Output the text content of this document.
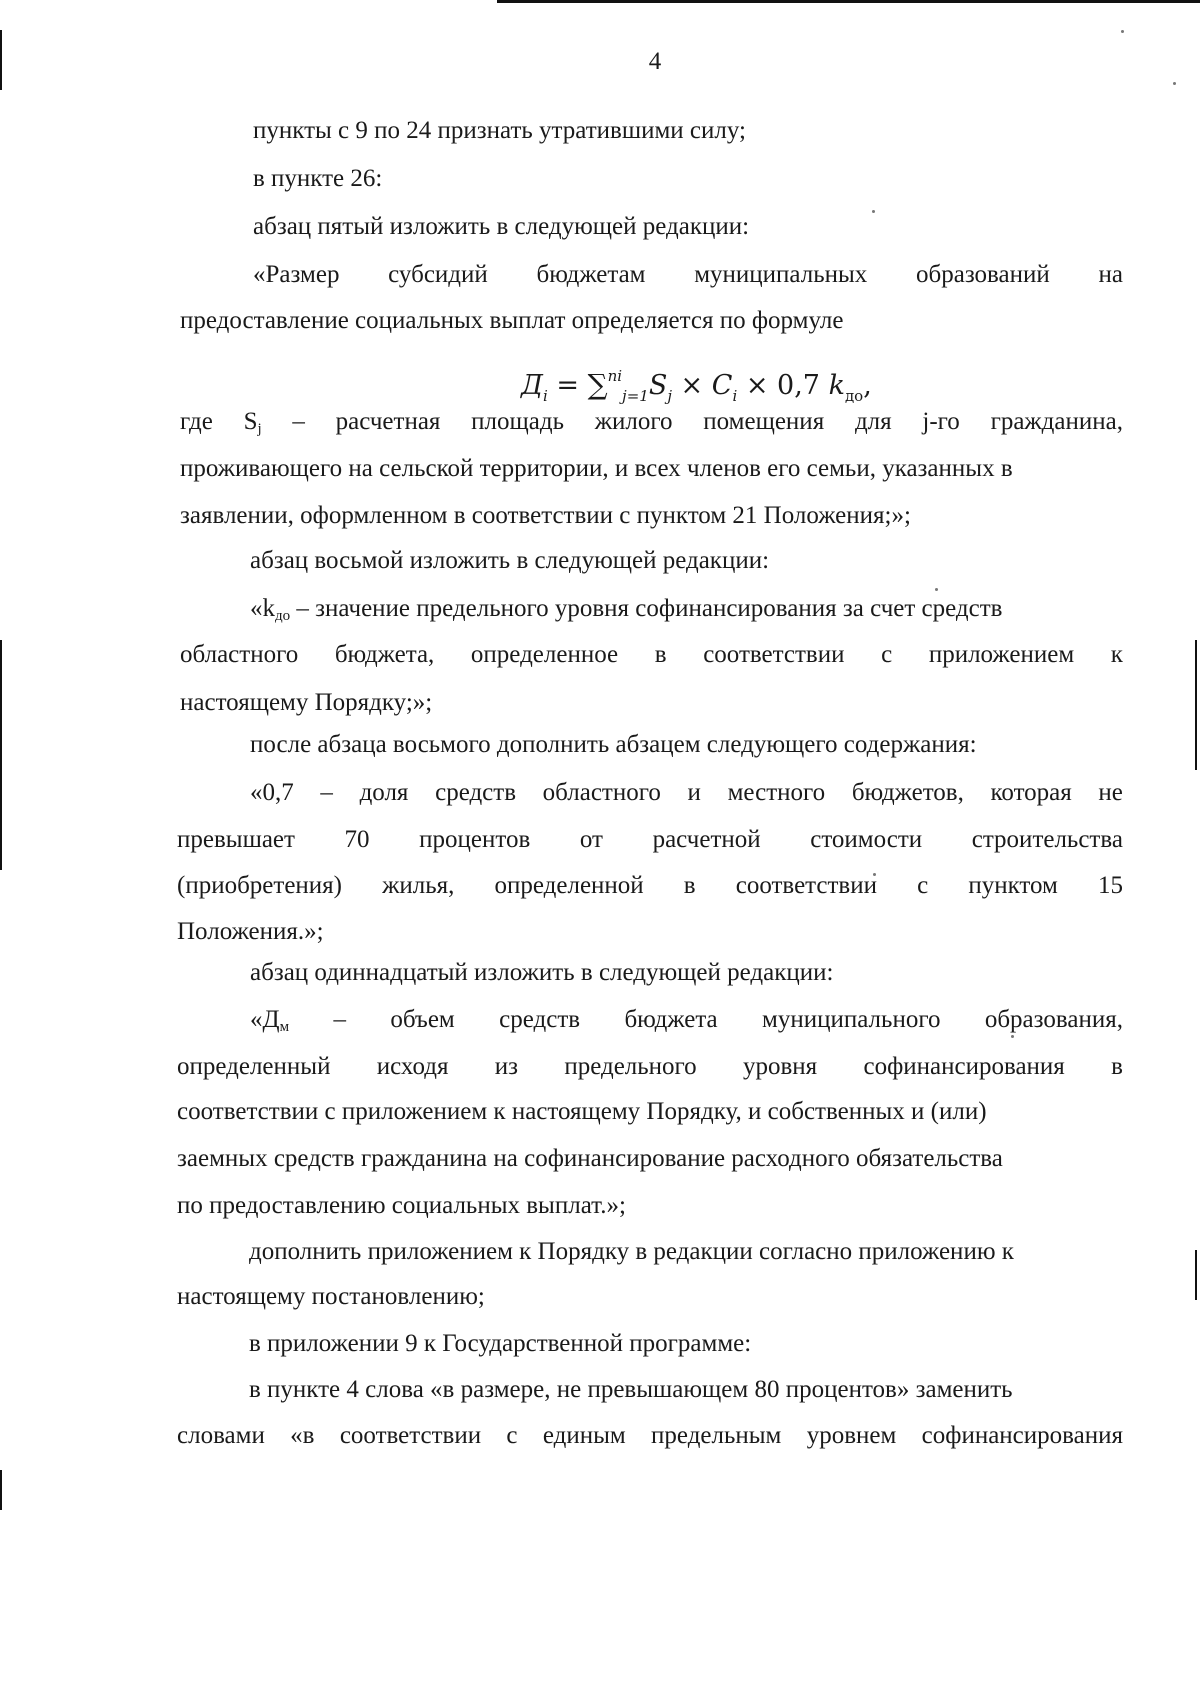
4
пункты с 9 по 24 признать утратившими силу;
в пункте 26:
абзац пятый изложить в следующей редакции:
«Размер субсидий бюджетам муниципальных образований на
предоставление социальных выплат определяется по формуле
$Д_i = \sum^{ni}_{j=1}S_j \times C_i \times 0,7$ $k_{до}$,
где $S_j$ – расчетная площадь жилого помещения для j-го гражданина,
проживающего на сельской территории, и всех членов его семьи, указанных в
заявлении, оформленном в соответствии с пунктом 21 Положения;»;
абзац восьмой изложить в следующей редакции:
«$k_{до}$ – значение предельного уровня софинансирования за счет средств
областного бюджета, определенное в соответствии с приложением к
настоящему Порядку;»;
после абзаца восьмого дополнить абзацем следующего содержания:
«0,7 – доля средств областного и местного бюджетов, которая не
превышает 70 процентов от расчетной стоимости строительства
(приобретения) жилья, определенной в соответствии с пунктом 15
Положения.»;
абзац одиннадцатый изложить в следующей редакции:
«$Д_м$ – объем средств бюджета муниципального образования,
определенный исходя из предельного уровня софинансирования в
соответствии с приложением к настоящему Порядку, и собственных и (или)
заемных средств гражданина на софинансирование расходного обязательства
по предоставлению социальных выплат.»;
дополнить приложением к Порядку в редакции согласно приложению к
настоящему постановлению;
в приложении 9 к Государственной программе:
в пункте 4 слова «в размере, не превышающем 80 процентов» заменить
словами «в соответствии с единым предельным уровнем софинансирования
